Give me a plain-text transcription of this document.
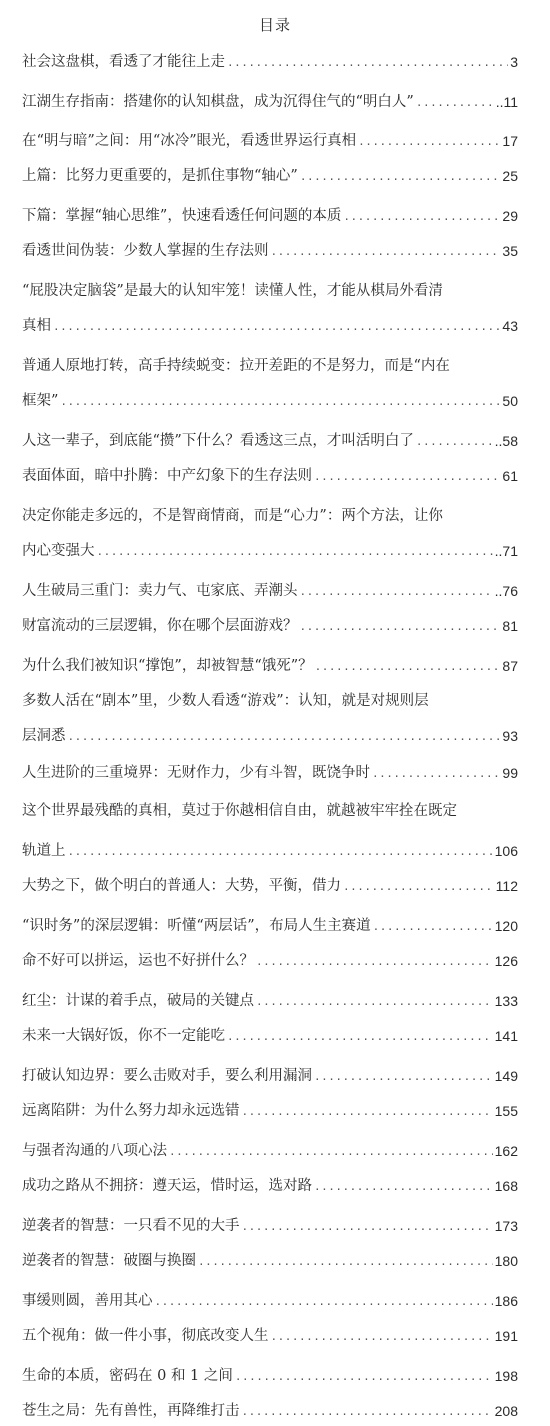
目录
社会这盘棋，看透了才能往上走 .....	3
江湖生存指南：搭建你的认知棋盘，成为沉得住气的“明白人” .....	..11
在“明与暗”之间：用“冰冷”眼光，看透世界运行真相 .....	17
上篇：比努力更重要的，是抓住事物“轴心” .....	25
下篇：掌握“轴心思维”，快速看透任何问题的本质 .....	29
看透世间伪装：少数人掌握的生存法则 .....	35
“屁股决定脑袋”是最大的认知牢笼！读懂人性，才能从棋局外看清
真相 .....	43
普通人原地打转，高手持续蜕变：拉开差距的不是努力，而是“内在
框架” .....	50
人这一辈子，到底能“攒”下什么？看透这三点，才叫活明白了 .....	..58
表面体面，暗中扑腾：中产幻象下的生存法则 .....	61
决定你能走多远的，不是智商情商，而是“心力”：两个方法，让你
内心变强大 .....	..71
人生破局三重门：卖力气、屯家底、弄潮头 .....	..76
财富流动的三层逻辑，你在哪个层面游戏？ .....	81
为什么我们被知识“撑饱”，却被智慧“饿死”？ .....	87
多数人活在“剧本”里，少数人看透“游戏”：认知，就是对规则层
层洞悉 .....	93
人生进阶的三重境界：无财作力，少有斗智，既饶争时 .....	99
这个世界最残酷的真相，莫过于你越相信自由，就越被牢牢拴在既定
轨道上 .....	106
大势之下，做个明白的普通人：大势，平衡，借力 .....	112
“识时务”的深层逻辑：听懂“两层话”，布局人生主赛道 .....	120
命不好可以拼运，运也不好拼什么？ .....	126
红尘：计谋的着手点，破局的关键点 .....	133
未来一大锅好饭，你不一定能吃 .....	141
打破认知边界：要么击败对手，要么利用漏洞 .....	149
远离陷阱：为什么努力却永远选错 .....	155
与强者沟通的八项心法 .....	162
成功之路从不拥挤：遵天运，惜时运，选对路 .....	168
逆袭者的智慧：一只看不见的大手 .....	173
逆袭者的智慧：破圈与换圈 .....	180
事缓则圆，善用其心 .....	186
五个视角：做一件小事，彻底改变人生 .....	191
生命的本质，密码在 0 和 1 之间 .....	198
苍生之局：先有兽性，再降维打击 .....	208
